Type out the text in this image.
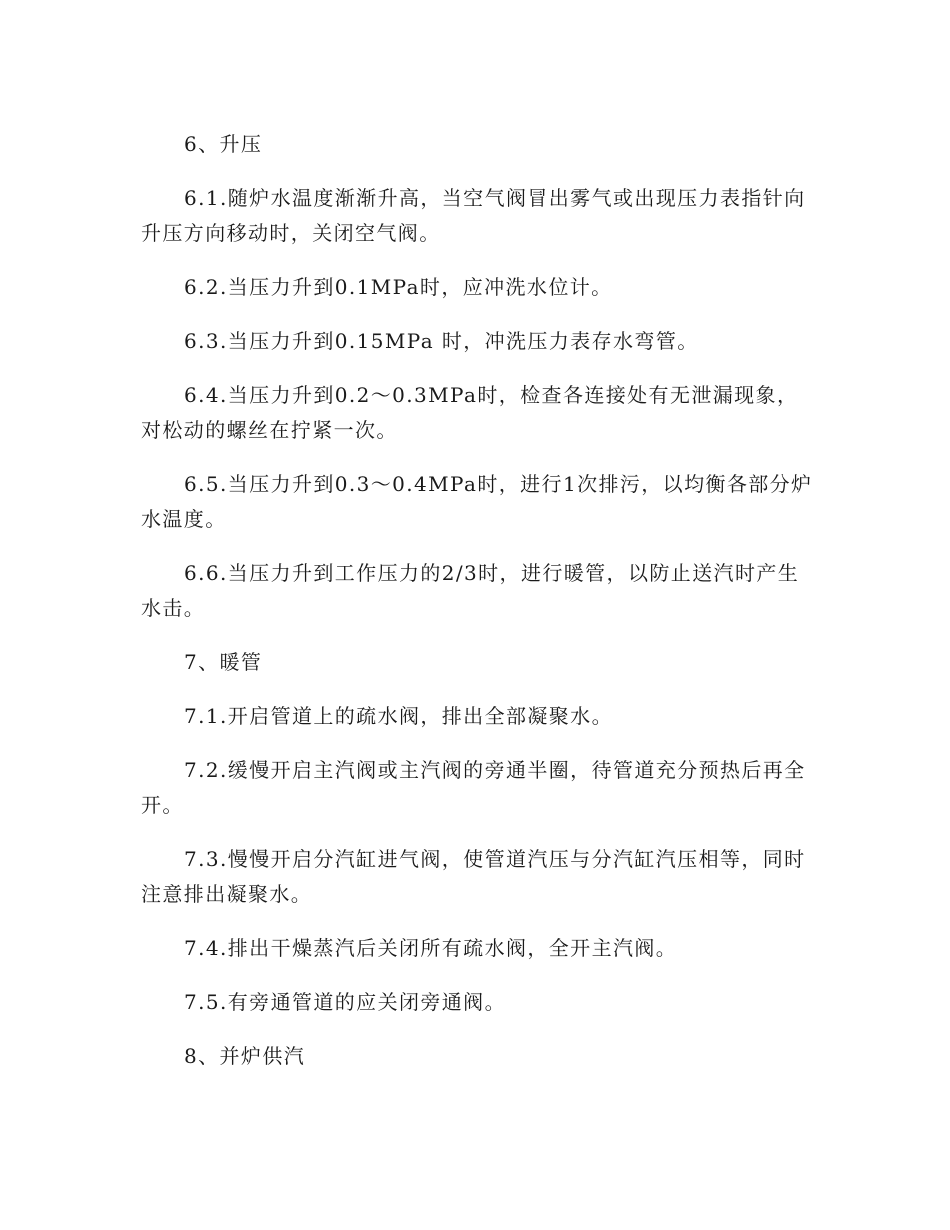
6、升压

6.1.随炉水温度渐渐升高，当空气阀冒出雾气或出现压力表指针向升压方向移动时，关闭空气阀。

6.2.当压力升到0.1MPa时，应冲洗水位计。

6.3.当压力升到0.15MPa 时，冲洗压力表存水弯管。

6.4.当压力升到0.2～0.3MPa时，检查各连接处有无泄漏现象，对松动的螺丝在拧紧一次。

6.5.当压力升到0.3～0.4MPa时，进行1次排污，以均衡各部分炉水温度。

6.6.当压力升到工作压力的2/3时，进行暖管，以防止送汽时产生水击。

7、暖管

7.1.开启管道上的疏水阀，排出全部凝聚水。

7.2.缓慢开启主汽阀或主汽阀的旁通半圈，待管道充分预热后再全开。

7.3.慢慢开启分汽缸进气阀，使管道汽压与分汽缸汽压相等，同时注意排出凝聚水。

7.4.排出干燥蒸汽后关闭所有疏水阀，全开主汽阀。

7.5.有旁通管道的应关闭旁通阀。

8、并炉供汽
